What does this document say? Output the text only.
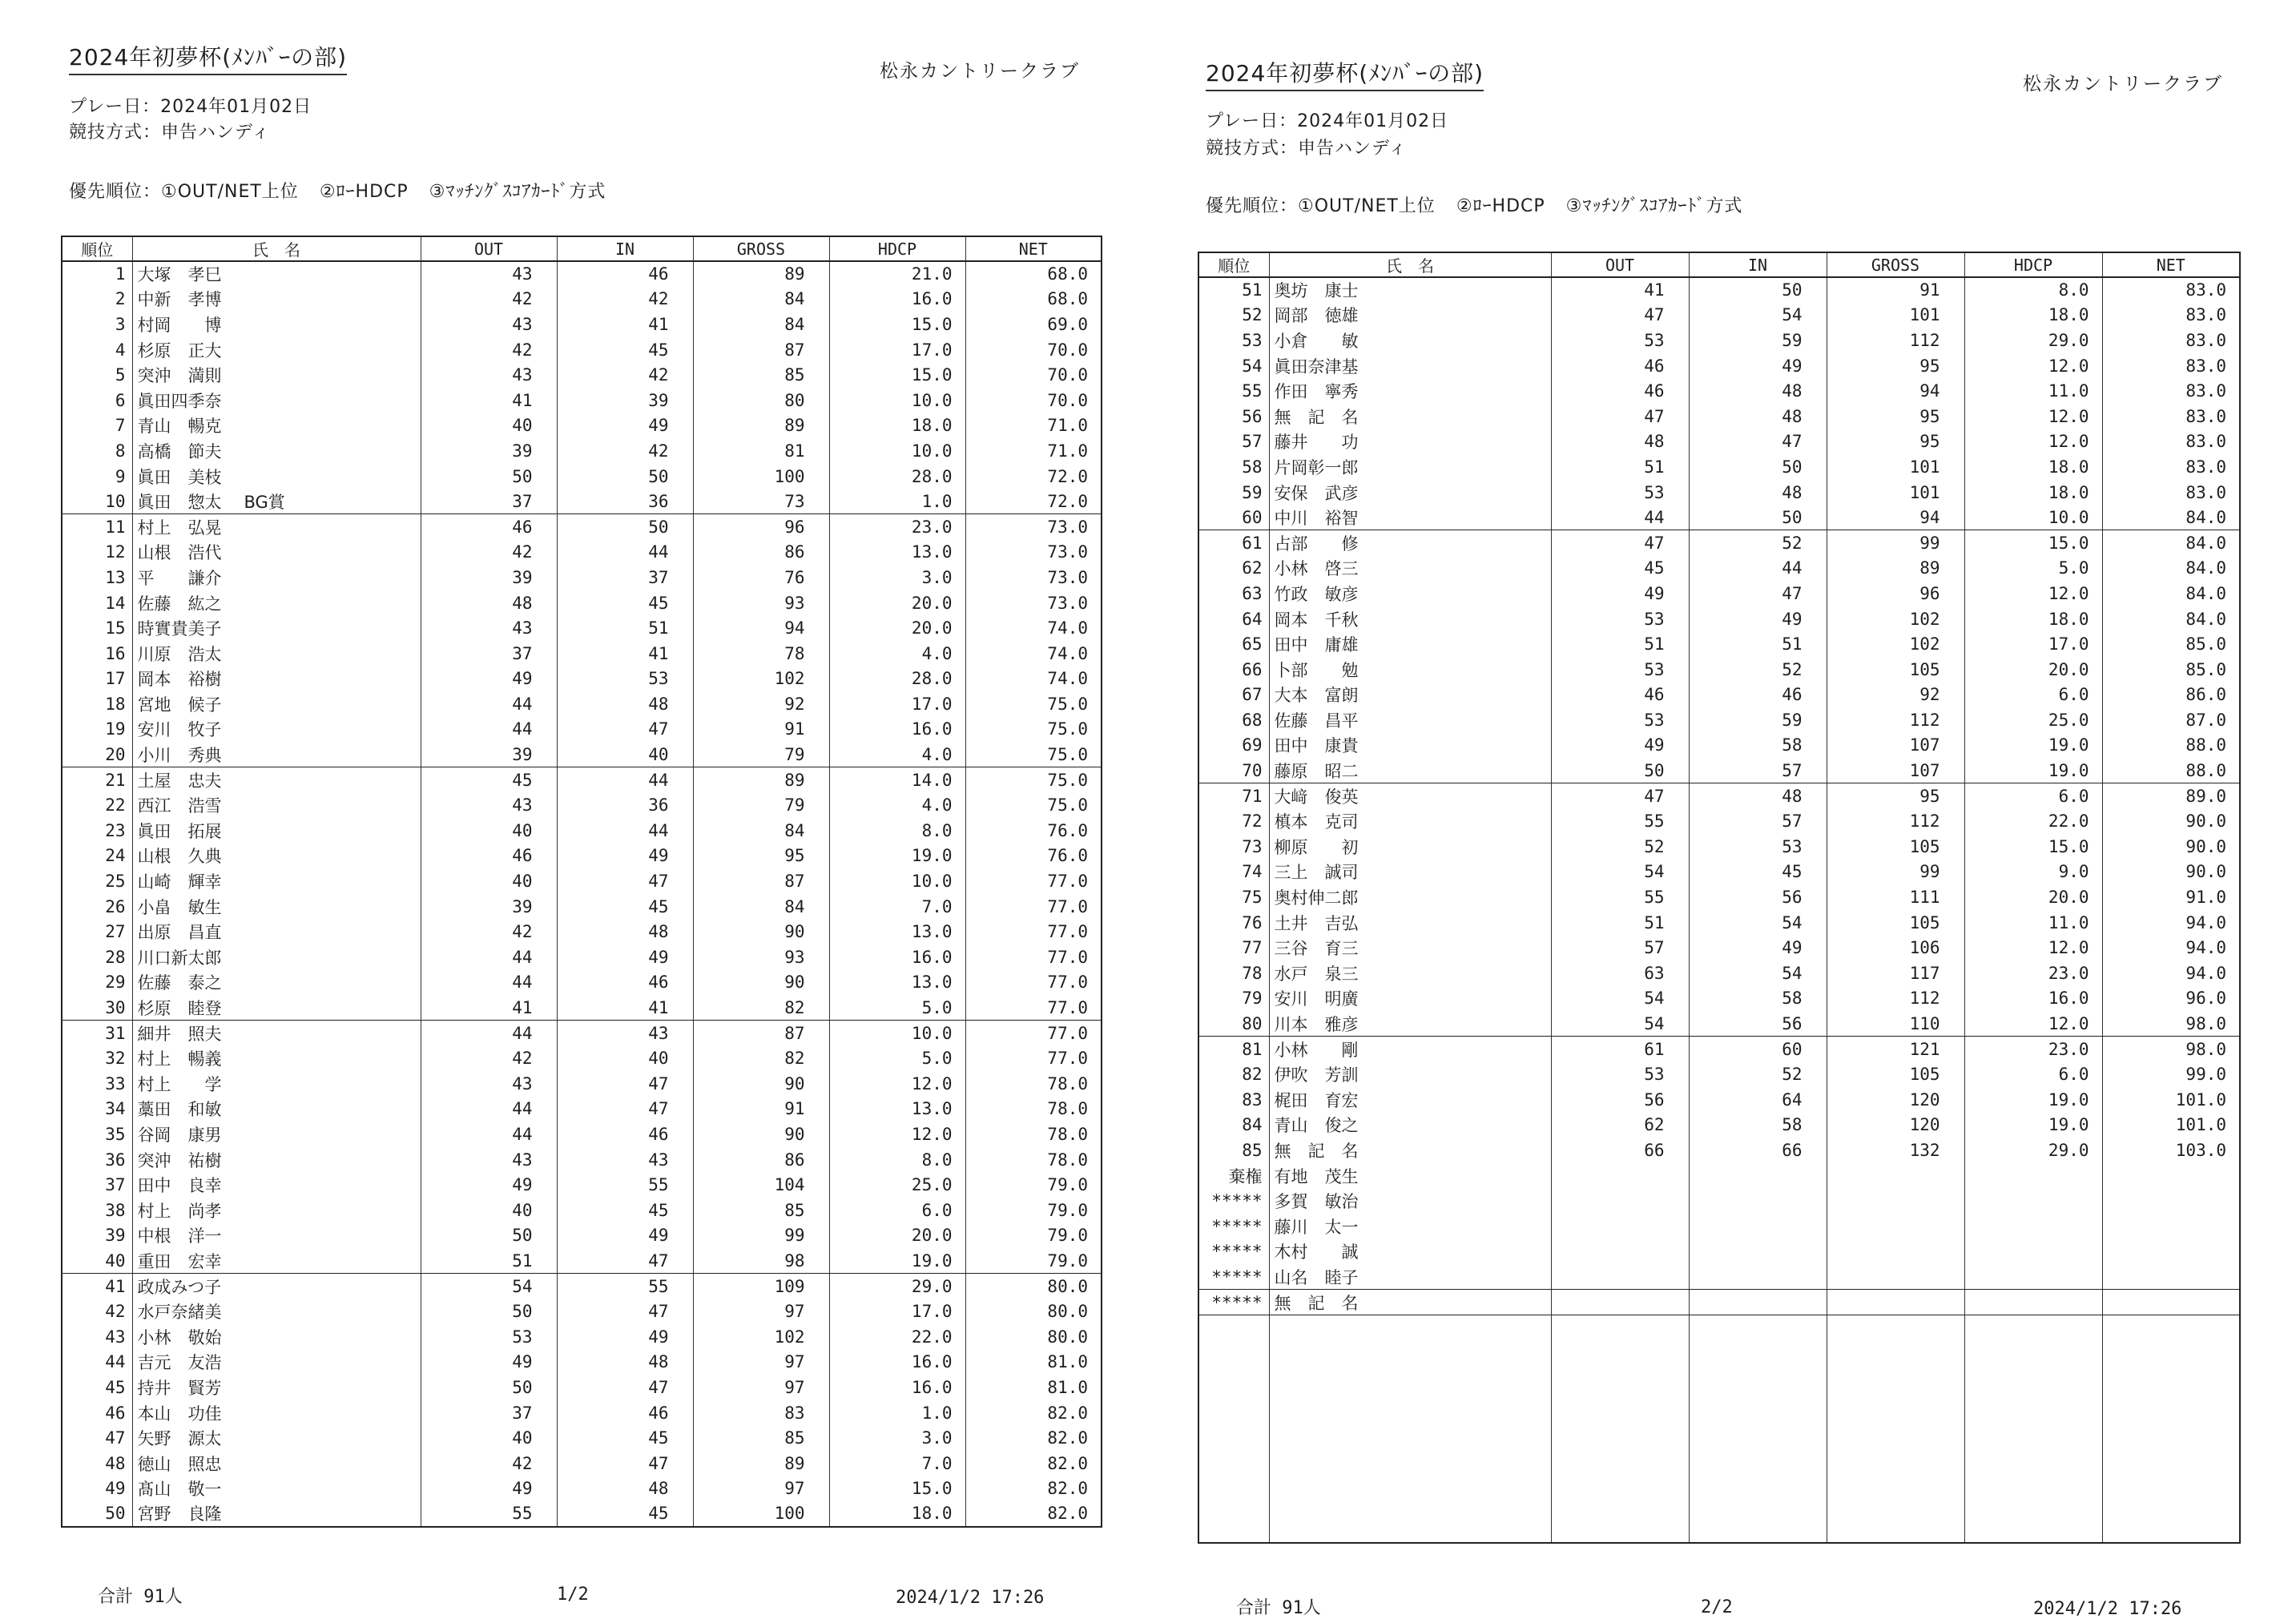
2024年初夢杯(ﾒﾝﾊﾞｰの部)
松永カントリークラブ
プレー日：2024年01月02日
競技方式：申告ハンディ
優先順位：①OUT/NET上位 ②ﾛｰHDCP ③ﾏｯﾁﾝｸﾞｽｺｱｶｰﾄﾞ方式
順位	氏　名	OUT	IN	GROSS	HDCP	NET
1	大塚　孝巳	43	46	89	21.0	68.0
2	中新　孝博	42	42	84	16.0	68.0
3	村岡　　博	43	41	84	15.0	69.0
4	杉原　正大	42	45	87	17.0	70.0
5	突沖　満則	43	42	85	15.0	70.0
6	眞田四季奈	41	39	80	10.0	70.0
7	青山　暢克	40	49	89	18.0	71.0
8	高橋　節夫	39	42	81	10.0	71.0
9	眞田　美枝	50	50	100	28.0	72.0
10	眞田　惣太 BG賞	37	36	73	1.0	72.0
11	村上　弘晃	46	50	96	23.0	73.0
12	山根　浩代	42	44	86	13.0	73.0
13	平　　謙介	39	37	76	3.0	73.0
14	佐藤　紘之	48	45	93	20.0	73.0
15	時實貴美子	43	51	94	20.0	74.0
16	川原　浩太	37	41	78	4.0	74.0
17	岡本　裕樹	49	53	102	28.0	74.0
18	宮地　候子	44	48	92	17.0	75.0
19	安川　牧子	44	47	91	16.0	75.0
20	小川　秀典	39	40	79	4.0	75.0
21	土屋　忠夫	45	44	89	14.0	75.0
22	西江　浩雪	43	36	79	4.0	75.0
23	眞田　拓展	40	44	84	8.0	76.0
24	山根　久典	46	49	95	19.0	76.0
25	山崎　輝幸	40	47	87	10.0	77.0
26	小畠　敏生	39	45	84	7.0	77.0
27	出原　昌直	42	48	90	13.0	77.0
28	川口新太郎	44	49	93	16.0	77.0
29	佐藤　泰之	44	46	90	13.0	77.0
30	杉原　睦登	41	41	82	5.0	77.0
31	細井　照夫	44	43	87	10.0	77.0
32	村上　暢義	42	40	82	5.0	77.0
33	村上　　学	43	47	90	12.0	78.0
34	藁田　和敏	44	47	91	13.0	78.0
35	谷岡　康男	44	46	90	12.0	78.0
36	突沖　祐樹	43	43	86	8.0	78.0
37	田中　良幸	49	55	104	25.0	79.0
38	村上　尚孝	40	45	85	6.0	79.0
39	中根　洋一	50	49	99	20.0	79.0
40	重田　宏幸	51	47	98	19.0	79.0
41	政成みつ子	54	55	109	29.0	80.0
42	水戸奈緒美	50	47	97	17.0	80.0
43	小林　敬始	53	49	102	22.0	80.0
44	吉元　友浩	49	48	97	16.0	81.0
45	持井　賢芳	50	47	97	16.0	81.0
46	本山　功佳	37	46	83	1.0	82.0
47	矢野　源太	40	45	85	3.0	82.0
48	徳山　照忠	42	47	89	7.0	82.0
49	髙山　敬一	49	48	97	15.0	82.0
50	宮野　良隆	55	45	100	18.0	82.0
合計 91人	1/2	2024/1/2 17:26
2024年初夢杯(ﾒﾝﾊﾞｰの部)	松永カントリークラブ
プレー日：2024年01月02日
競技方式：申告ハンディ
優先順位：①OUT/NET上位 ②ﾛｰHDCP ③ﾏｯﾁﾝｸﾞｽｺｱｶｰﾄﾞ方式
順位	氏　名	OUT	IN	GROSS	HDCP	NET
51	奥坊　康士	41	50	91	8.0	83.0
52	岡部　徳雄	47	54	101	18.0	83.0
53	小倉　　敏	53	59	112	29.0	83.0
54	眞田奈津基	46	49	95	12.0	83.0
55	作田　寧秀	46	48	94	11.0	83.0
56	無　記　名	47	48	95	12.0	83.0
57	藤井　　功	48	47	95	12.0	83.0
58	片岡彰一郎	51	50	101	18.0	83.0
59	安保　武彦	53	48	101	18.0	83.0
60	中川　裕智	44	50	94	10.0	84.0
61	占部　　修	47	52	99	15.0	84.0
62	小林　啓三	45	44	89	5.0	84.0
63	竹政　敏彦	49	47	96	12.0	84.0
64	岡本　千秋	53	49	102	18.0	84.0
65	田中　庸雄	51	51	102	17.0	85.0
66	卜部　　勉	53	52	105	20.0	85.0
67	大本　富朗	46	46	92	6.0	86.0
68	佐藤　昌平	53	59	112	25.0	87.0
69	田中　康貴	49	58	107	19.0	88.0
70	藤原　昭二	50	57	107	19.0	88.0
71	大﨑　俊英	47	48	95	6.0	89.0
72	槙本　克司	55	57	112	22.0	90.0
73	柳原　　初	52	53	105	15.0	90.0
74	三上　誠司	54	45	99	9.0	90.0
75	奥村伸二郎	55	56	111	20.0	91.0
76	土井　吉弘	51	54	105	11.0	94.0
77	三谷　育三	57	49	106	12.0	94.0
78	水戸　泉三	63	54	117	23.0	94.0
79	安川　明廣	54	58	112	16.0	96.0
80	川本　雅彦	54	56	110	12.0	98.0
81	小林　　剛	61	60	121	23.0	98.0
82	伊吹　芳訓	53	52	105	6.0	99.0
83	梶田　育宏	56	64	120	19.0	101.0
84	青山　俊之	62	58	120	19.0	101.0
85	無　記　名	66	66	132	29.0	103.0
棄権	有地　茂生					
*****	多賀　敏治					
*****	藤川　太一					
*****	木村　　誠					
*****	山名　睦子					
*****	無　記　名					

合計 91人	2/2	2024/1/2 17:26
